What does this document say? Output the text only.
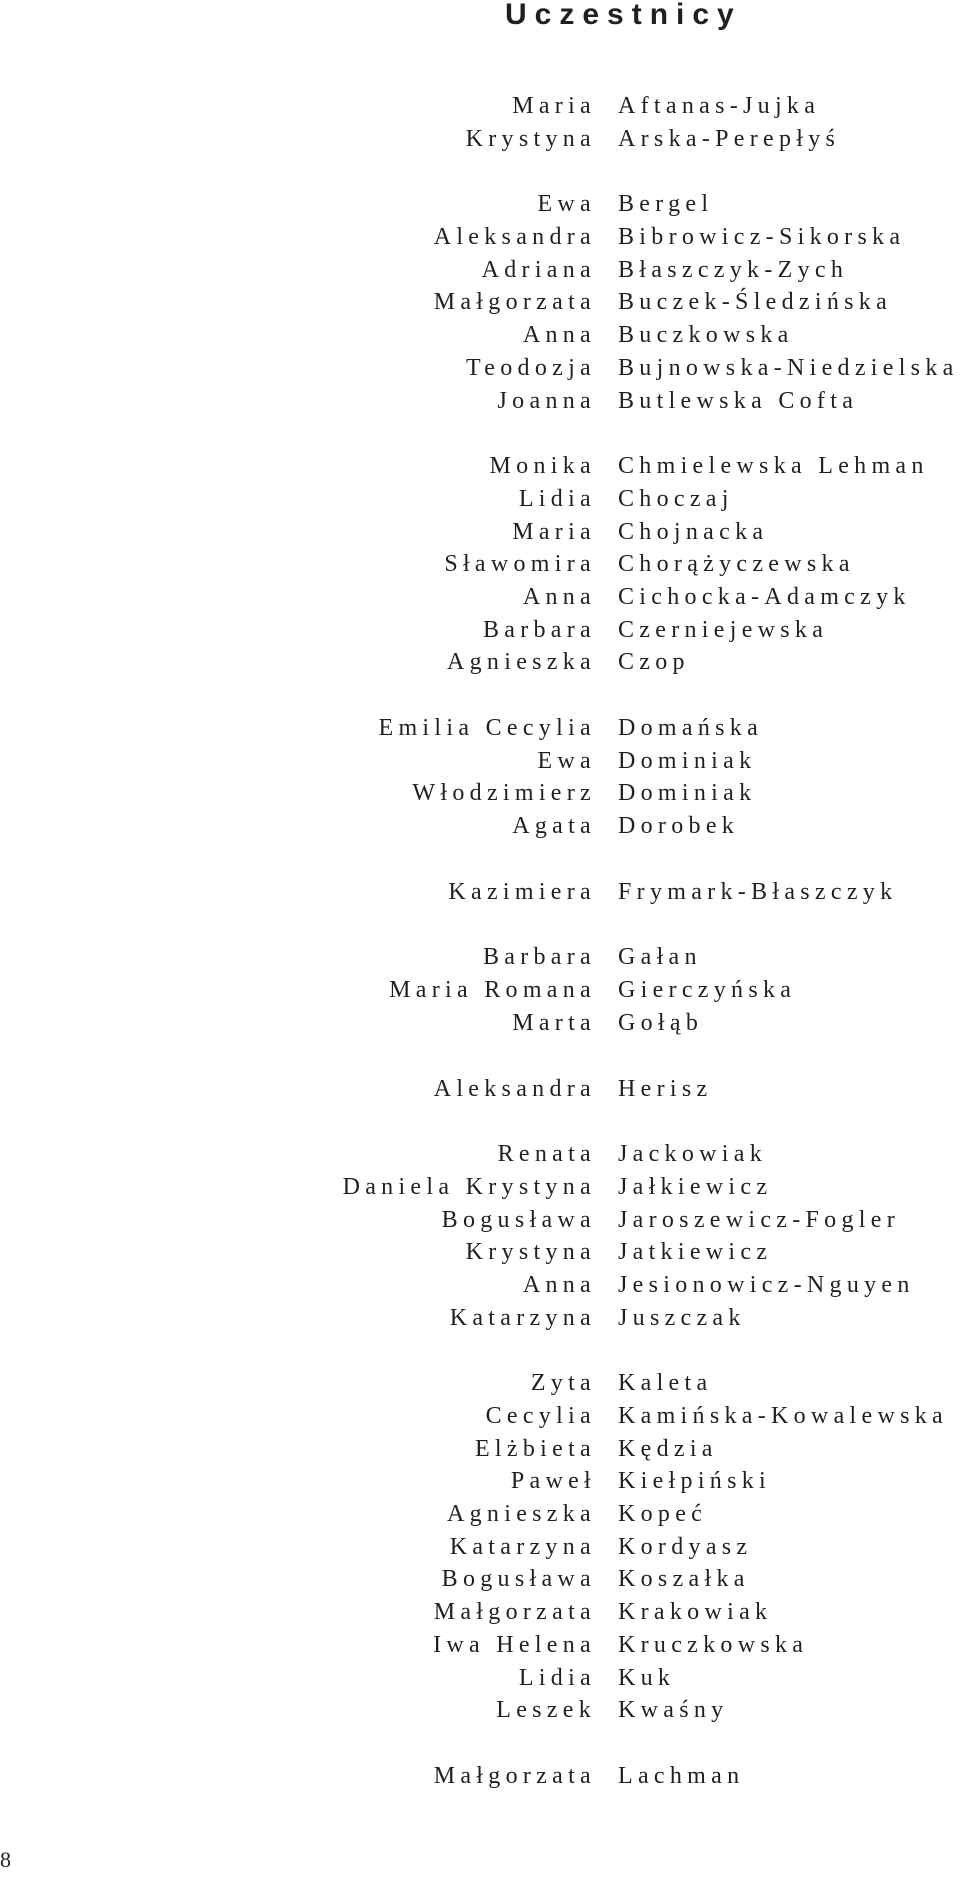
Uczestnicy
Maria Aftanas-Jujka
Krystyna Arska-Perepłyś
Ewa Bergel
Aleksandra Bibrowicz-Sikorska
Adriana Błaszczyk-Zych
Małgorzata Buczek-Śledzińska
Anna Buczkowska
Teodozja Bujnowska-Niedzielska
Joanna Butlewska Cofta
Monika Chmielewska Lehman
Lidia Choczaj
Maria Chojnacka
Sławomira Chorążyczewska
Anna Cichocka-Adamczyk
Barbara Czerniejewska
Agnieszka Czop
Emilia Cecylia Domańska
Ewa Dominiak
Włodzimierz Dominiak
Agata Dorobek
Kazimiera Frymark-Błaszczyk
Barbara Gałan
Maria Romana Gierczyńska
Marta Gołąb
Aleksandra Herisz
Renata Jackowiak
Daniela Krystyna Jałkiewicz
Bogusława Jaroszewicz-Fogler
Krystyna Jatkiewicz
Anna Jesionowicz-Nguyen
Katarzyna Juszczak
Zyta Kaleta
Cecylia Kamińska-Kowalewska
Elżbieta Kędzia
Paweł Kiełpiński
Agnieszka Kopeć
Katarzyna Kordyasz
Bogusława Koszałka
Małgorzata Krakowiak
Iwa Helena Kruczkowska
Lidia Kuk
Leszek Kwaśny
Małgorzata Lachman
8
